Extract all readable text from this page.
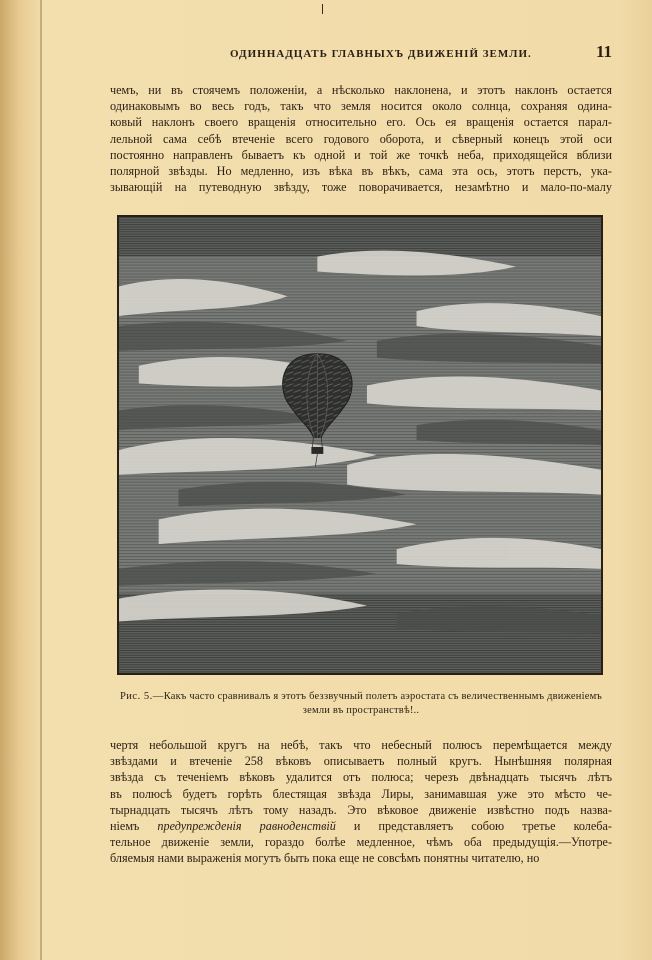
ОДИННАДЦАТЬ ГЛАВНЫХЪ ДВИЖЕНІЙ ЗЕМЛИ.	11
чемъ, ни въ стоячемъ положеніи, а нѣсколько наклонена, и этотъ наклонъ остается
одинаковымъ во весь годъ, такъ что земля носится около солнца, сохраняя одина-
ковый наклонъ своего вращенія относительно его. Ось ея вращенія остается парал-
лельной сама себѣ втеченіе всего годового оборота, и сѣверный конецъ этой оси
постоянно направленъ бываетъ къ одной и той же точкѣ неба, приходящейся вблизи
полярной звѣзды. Но медленно, изъ вѣка въ вѣкъ, сама эта ось, этотъ перстъ, ука-
зывающій на путеводную звѣзду, тоже поворачивается, незамѣтно и мало-по-малу
Рис. 5.—Какъ часто сравнивалъ я этотъ беззвучный полетъ аэростата съ величественнымъ движеніемъ земли въ пространствѣ!..
чертя небольшой кругъ на небѣ, такъ что небесный полюсъ перемѣщается между
звѣздами и втеченіе 258 вѣковъ описываетъ полный кругъ. Нынѣшняя полярная
звѣзда съ теченіемъ вѣковъ удалится отъ полюса; черезъ двѣнадцать тысячъ лѣтъ
въ полюсѣ будетъ горѣть блестящая звѣзда Лиры, занимавшая уже это мѣсто че-
тырнадцать тысячъ лѣтъ тому назадъ. Это вѣковое движеніе извѣстно подъ назва-
ніемъ предупрежденія равноденствій и представляетъ собою третье колеба-
тельное движеніе земли, гораздо болѣе медленное, чѣмъ оба предыдущія.—Употре-
бляемыя нами выраженія могутъ быть пока еще не совсѣмъ понятны читателю, но
